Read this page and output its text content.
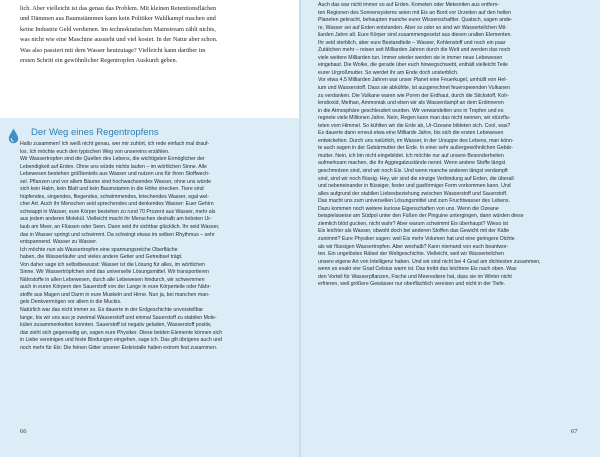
lich. Aber vielleicht ist das genau das Problem. Mit kleinen Retentionsflächen

und Dämmen aus Baumstämmen kann kein Politiker Wahlkampf machen und

keine Industrie Geld verdienen. Im technokratischen Mainstream zählt nichts,

was nicht wie eine Maschine aussieht und viel kostet. In der Natur aber schon.

Was also passiert mit dem Wasser heutzutage? Vielleicht kann darüber im

ersten Schritt ein gewöhnlicher Regentropfen Auskunft geben.

Der Weg eines Regentropfens

Hallo zusammen! Ich weiß nicht genau, wer mir zuhört, ich rede einfach mal drauf-

los. Ich möchte euch den typischen Weg von unsereins erzählen.

Wir Wassertropfen sind die Quellen des Lebens, die wichtigsten Ermöglicher der

Lebendigkeit auf Erden. Ohne uns würde nichts laufen – im wörtlichen Sinne. Alle

Lebewesen bestehen größtenteils aus Wasser und nutzen uns für ihren Stoffwech-

sel. Pflanzen und vor allem Bäume sind hochwachsendes Wasser, ohne uns würde

sich kein Halm, kein Blatt und kein Baumstamm in die Höhe strecken. Tiere sind

hüpfendes, singendes, fliegendes, schwimmendes, kriechendes Wasser, egal wel-

cher Art. Auch ihr Menschen seid sprechendes und denkendes Wasser: Euer Gehirn

schwappt in Wasser, eure Körper bestehen zu rund 70 Prozent aus Wasser, mehr als

aus jedem anderen Molekül. Vielleicht macht ihr Menschen deshalb am liebsten Ur-

laub am Meer, an Flüssen oder Seen. Dann seid ihr sichtbar glücklich. Ihr seid Wasser,

das in Wasser springt und schwimmt. Da schwingt etwas im selben Rhythmus – sehr

entspannend. Wasser zu Wasser.

Ich möchte nun als Wassertropfen eine spannungsreiche Oberfläche

haben, die Wasserläufer und vieles andere Getier und Getreibsel trägt.

Von daher sage ich selbstbewusst: Wasser ist die Lösung für alles, im wörtlichen

Sinne. Wir Wassertröpfchen sind das universelle Lösungsmittel. Wir transportieren

Nährstoffe in allen Lebewesen, durch alle Lebewesen hindurch, wir schwemmen

auch in euren Körpern den Sauerstoff von der Lunge in eure Körperteile oder Nähr-

stoffe aus Magen und Darm in eure Muskeln und Hirne. Nun ja, bei manchen man-

gels Denkvermögen vor allem in die Muckis.

Natürlich war das nicht immer so. Es dauerte in der Erdgeschichte unvorstellbar

lange, bis wir uns aus je zweimal Wasserstoff und einmal Sauerstoff zu stabilen Mole-

külen zusammenketten konnten. Sauerstoff ist negativ geladen, Wasserstoff positiv,

das zieht sich gegenseitig an, sagen eure Physiker. Diese beiden Elemente können sich

in Liebe vereinigen und feste Bindungen eingehen, sage ich. Das gilt übrigens auch und

noch mehr für Eis: Die feinen Gitter unserer Eiskristalle halten extrem fest zusammen.

66

Auch das war nicht immer so auf Erden. Kometen oder Meteoriten aus entfern-

ten Regionen des Sonnensystems seien mit Eis an Bord vor Urzeiten auf den hellen

Planeten gekracht, behaupten manche eurer Wissenschaftler. Quatsch, sagen ande-

re, Wasser sei auf Erden entstanden. Aber so oder so sind wir Wasserteilchen Mil-

liarden Jahre alt. Eure Körper sind zusammengesetzt aus diesen uralten Elementen.

Ihr seid sterblich, aber eure Bestandteile – Wasser, Kohlenstoff und noch ein paar

Zutätchen mehr – reisen seit Milliarden Jahren durch die Welt und werden das noch

viele weitere Milliarden tun. Immer wieder werden sie in immer neue Lebewesen

eingebaut. Die Wolke, die gerade über euch hinwegschwebt, enthält vielleicht Teile

eurer Urgroßmutter. So werdet ihr am Ende doch unsterblich.

Vor etwa 4,5 Milliarden Jahren war unser Planet eine Feuerkugel, umhüllt von Hel-

ium und Wasserstoff. Dass sie abkühlte, ist ausgerechnet feuerspeienden Vulkanen

zu verdanken. Die Vulkane waren wie Poren der Erdhaut, durch die Stickstoff, Koh-

lendioxid, Methan, Ammoniak und eben wir als Wasserdampf an dem Erdinneren

in die Atmosphäre geschleudert wurden. Wir verwandelten uns in Tropfen und es

regnete viele Millionen Jahre. Nein, Regen kann man das nicht nennen, wir stürzflu-

teten vom Himmel. So kühlten wir die Erde ab, Ur-Ozeane bildeten sich. Cool, was?

Es dauerte dann erneut etwa eine Milliarde Jahre, bis sich die ersten Lebewesen

entwickelten. Durch uns natürlich, im Wasser, in der Ursuppe des Lebens, man könn-

te auch sagen in der Gebärmutter der Erde. In einer sehr außergewöhnlichen Gebär-

mutter. Nein, ich bin nicht eingebildet. Ich möchte nur auf unsere Besonderheiten

aufmerksam machen, die ihr Aggregatzustände nennt. Wenn andere Stoffe längst

geschmolzen sind, sind wir noch Eis. Und wenn manche anderen längst verdampft

sind, sind wir noch flüssig. Hey, wir sind die einzige Verbindung auf Erden, die überall

und nebeneinander in flüssiger, fester und gasförmiger Form vorkommen kann. Und

alles aufgrund der stabilen Liebesbeziehung zwischen Wasserstoff und Sauerstoff.

Das macht uns zum universellen Lösungsmittel und zum Fruchtwasser des Lebens.

Dazu kommen noch weitere kuriose Eigenschaften von uns. Wenn die Ozeane

beispielsweise am Südpol unter den Füßen der Pinguine untergingen, dann würden diese

ziemlich blöd gucken, nicht wahr? Aber warum schwimmt Eis überhaupt? Wieso ist

Eis leichter als Wasser, obwohl doch bei anderen Stoffen das Gewicht mit der Kälte

zunimmt? Eure Physiker sagen: weil Eis mehr Volumen hat und eine geringere Dichte

als wir flüssigen Wassertropfen. Aber weshalb? Kann niemand von euch beantwor-

ten. Ein ungelöstes Rätsel der Weltgeschichte. Vielleicht, weil wir Wasserteilchen

unsere eigene Art von Intelligenz haben. Und wir sind nicht bei 4 Grad am dichtesten zusammen,

wenn es exakt vier Grad Celsius warm ist. Das treibt das leichtere Eis nach oben. Was

den Vorteil für Wasserpflanzen, Fische und Meerestiere hat, dass sie im Winter nicht

erfrieren, weil größere Gewässer nur oberflächlich vereisen und nicht in der Tiefe.

67
